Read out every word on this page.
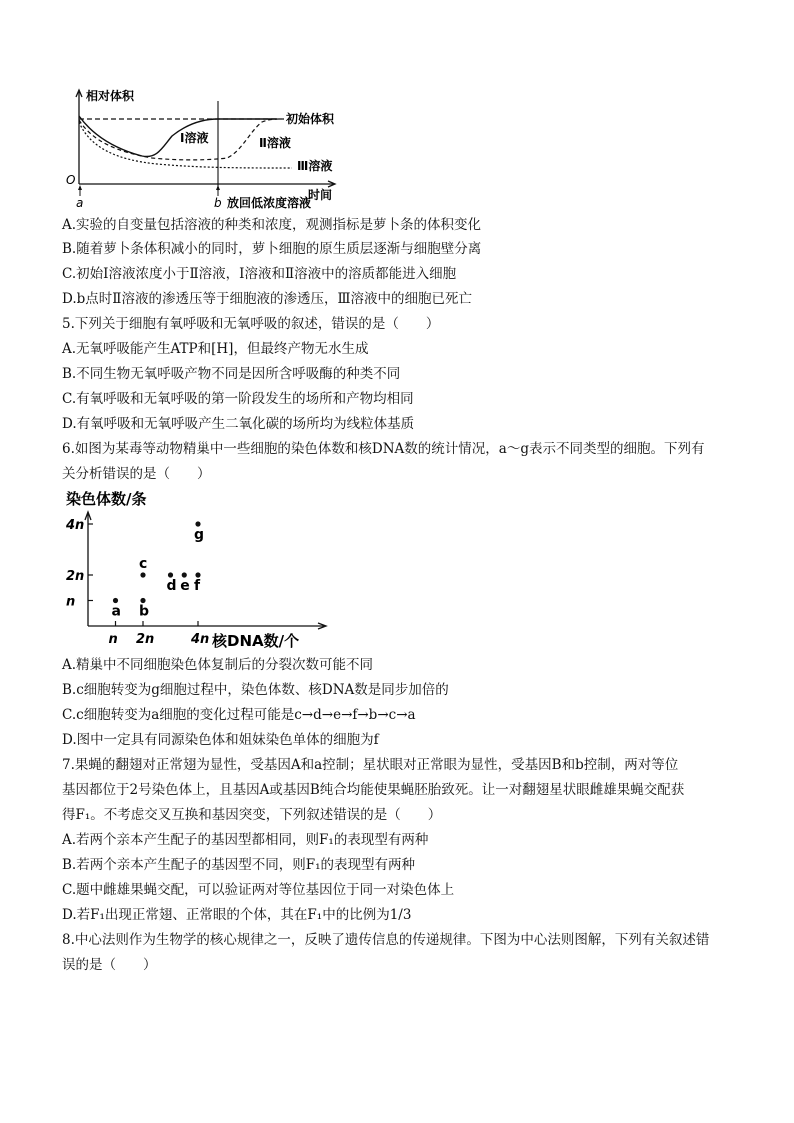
相对体积
O
时间
初始体积
Ⅰ溶液	Ⅱ溶液
Ⅲ溶液
a	b 放回低浓度溶液
A.实验的自变量包括溶液的种类和浓度，观测指标是萝卜条的体积变化
B.随着萝卜条体积减小的同时，萝卜细胞的原生质层逐渐与细胞壁分离
C.初始Ⅰ溶液浓度小于Ⅱ溶液，Ⅰ溶液和Ⅱ溶液中的溶质都能进入细胞
D.b点时Ⅱ溶液的渗透压等于细胞液的渗透压，Ⅲ溶液中的细胞已死亡
5.下列关于细胞有氧呼吸和无氧呼吸的叙述，错误的是（　　）
A.无氧呼吸能产生ATP和[H]，但最终产物无水生成
B.不同生物无氧呼吸产物不同是因所含呼吸酶的种类不同
C.有氧呼吸和无氧呼吸的第一阶段发生的场所和产物均相同
D.有氧呼吸和无氧呼吸产生二氧化碳的场所均为线粒体基质
6.如图为某毒等动物精巢中一些细胞的染色体数和核DNA数的统计情况，a～g表示不同类型的细胞。下列有
关分析错误的是（　　）
染色体数/条
核DNA数/个
n
2n
4n
n 2n	4n
a b
c
d e f
g
A.精巢中不同细胞染色体复制后的分裂次数可能不同
B.c细胞转变为g细胞过程中，染色体数、核DNA数是同步加倍的
C.c细胞转变为a细胞的变化过程可能是c→d→e→f→b→c→a
D.图中一定具有同源染色体和姐妹染色单体的细胞为f
7.果蝇的翻翅对正常翅为显性，受基因A和a控制；星状眼对正常眼为显性，受基因B和b控制，两对等位
基因都位于2号染色体上，且基因A或基因B纯合均能使果蝇胚胎致死。让一对翻翅星状眼雌雄果蝇交配获
得F₁。不考虑交叉互换和基因突变，下列叙述错误的是（　　）
A.若两个亲本产生配子的基因型都相同，则F₁的表现型有两种
B.若两个亲本产生配子的基因型不同，则F₁的表现型有两种
C.题中雌雄果蝇交配，可以验证两对等位基因位于同一对染色体上
D.若F₁出现正常翅、正常眼的个体，其在F₁中的比例为1/3
8.中心法则作为生物学的核心规律之一，反映了遗传信息的传递规律。下图为中心法则图解，下列有关叙述错
误的是（　　）
